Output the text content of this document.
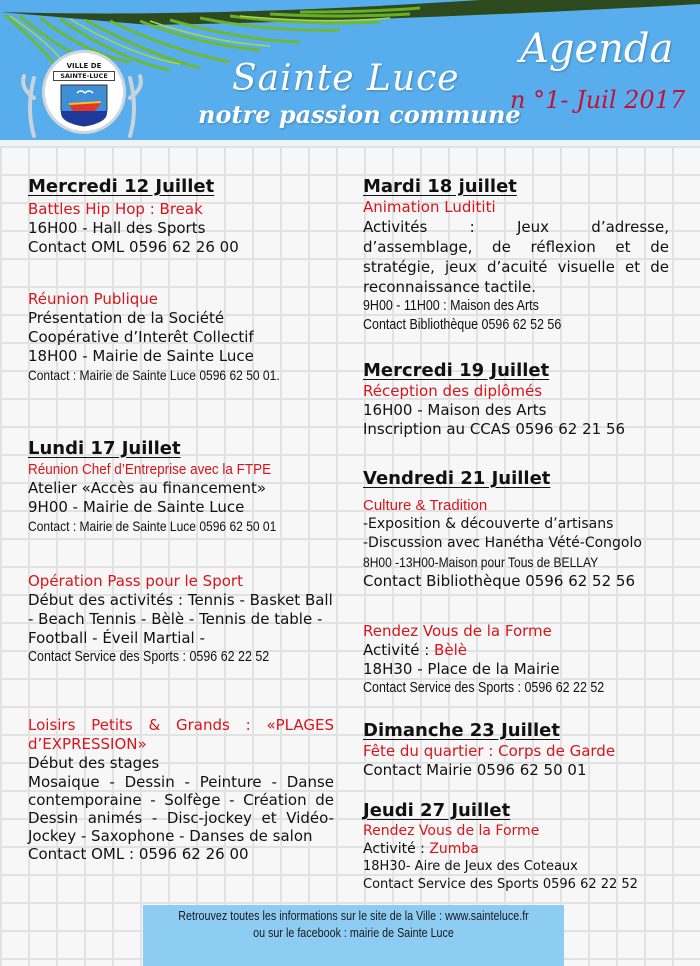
VILLE DE
SAINTE-LUCE	Sainte Luce
notre passion commune
Agenda
n °1- Juil 2017
Mercredi 12 Juillet
Battles Hip Hop : Break
16H00 - Hall des Sports
Contact OML 0596 62 26 00
Réunion Publique
Présentation de la Société
Coopérative d’Interêt Collectif
18H00 - Mairie de Sainte Luce
Contact : Mairie de Sainte Luce 0596 62 50 01.
Lundi 17 Juillet
Réunion Chef d’Entreprise avec la FTPE
Atelier «Accès au financement»
9H00 - Mairie de Sainte Luce
Contact : Mairie de Sainte Luce 0596 62 50 01
Opération Pass pour le Sport
Début des activités : Tennis - Basket Ball - Beach Tennis - Bèlè - Tennis de table - Football - Éveil Martial -
Contact Service des Sports : 0596 62 22 52
Loisirs Petits & Grands : «PLAGES d’EXPRESSION»
Début des stages
Mosaique - Dessin - Peinture - Danse contemporaine - Solfège - Création de Dessin animés - Disc-jockey et Vidéo-Jockey - Saxophone - Danses de salon
Contact OML : 0596 62 26 00
Mardi 18 juillet
Animation Ludititi
Activités : Jeux d’adresse, d’assemblage, de réflexion et de stratégie, jeux d’acuité visuelle et de reconnaissance tactile.
9H00 - 11H00 : Maison des Arts
Contact Bibliothèque 0596 62 52 56
Mercredi 19 Juillet
Réception des diplômés
16H00 - Maison des Arts
Inscription au CCAS 0596 62 21 56
Vendredi 21 Juillet
Culture & Tradition
-Exposition & découverte d’artisans
-Discussion avec Hanétha Vété-Congolo
8H00 -13H00-Maison pour Tous de BELLAY
Contact Bibliothèque 0596 62 52 56
Rendez Vous de la Forme
Activité : Bèlè
18H30 - Place de la Mairie
Contact Service des Sports : 0596 62 22 52
Dimanche 23 Juillet
Fête du quartier : Corps de Garde
Contact Mairie 0596 62 50 01
Jeudi 27 Juillet
Rendez Vous de la Forme
Activité : Zumba
18H30- Aire de Jeux des Coteaux
Contact Service des Sports 0596 62 22 52
Retrouvez toutes les informations sur le site de la Ville : www.sainteluce.fr
ou sur le facebook : mairie de Sainte Luce
